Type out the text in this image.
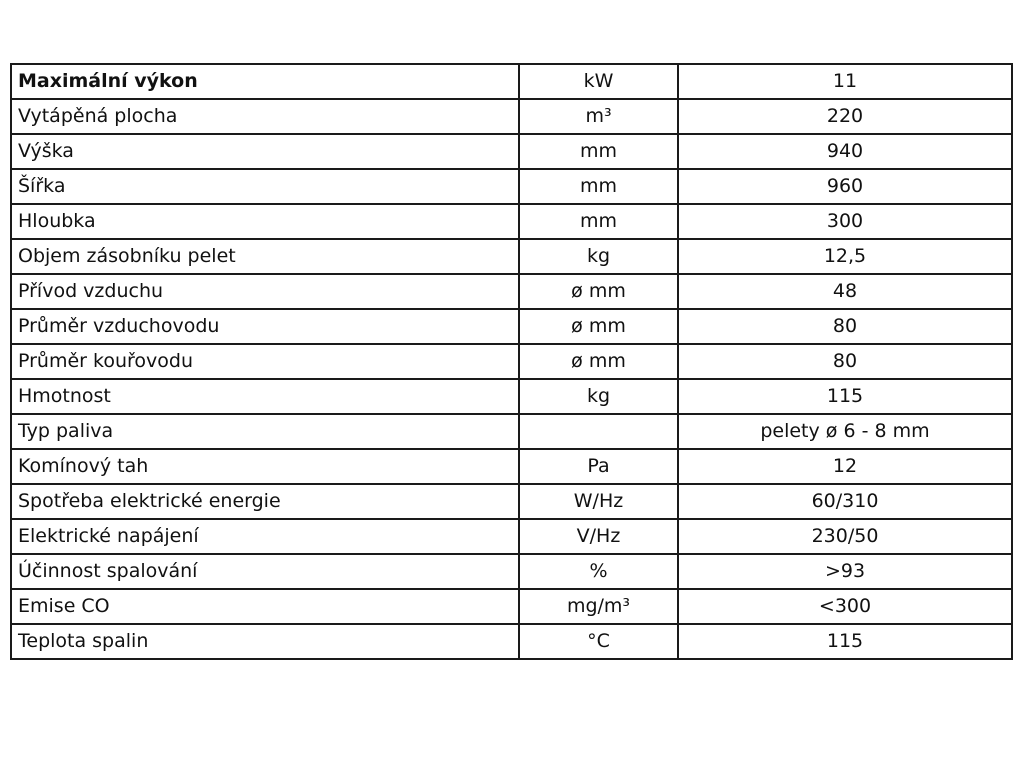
Maximální výkon	kW	11
Vytápěná plocha	m³	220
Výška	mm	940
Šířka	mm	960
Hloubka	mm	300
Objem zásobníku pelet	kg	12,5
Přívod vzduchu	ø mm	48
Průměr vzduchovodu	ø mm	80
Průměr kouřovodu	ø mm	80
Hmotnost	kg	115
Typ paliva		pelety ø 6 - 8 mm
Komínový tah	Pa	12
Spotřeba elektrické energie	W/Hz	60/310
Elektrické napájení	V/Hz	230/50
Účinnost spalování	%	>93
Emise CO	mg/m³	<300
Teplota spalin	°C	115
